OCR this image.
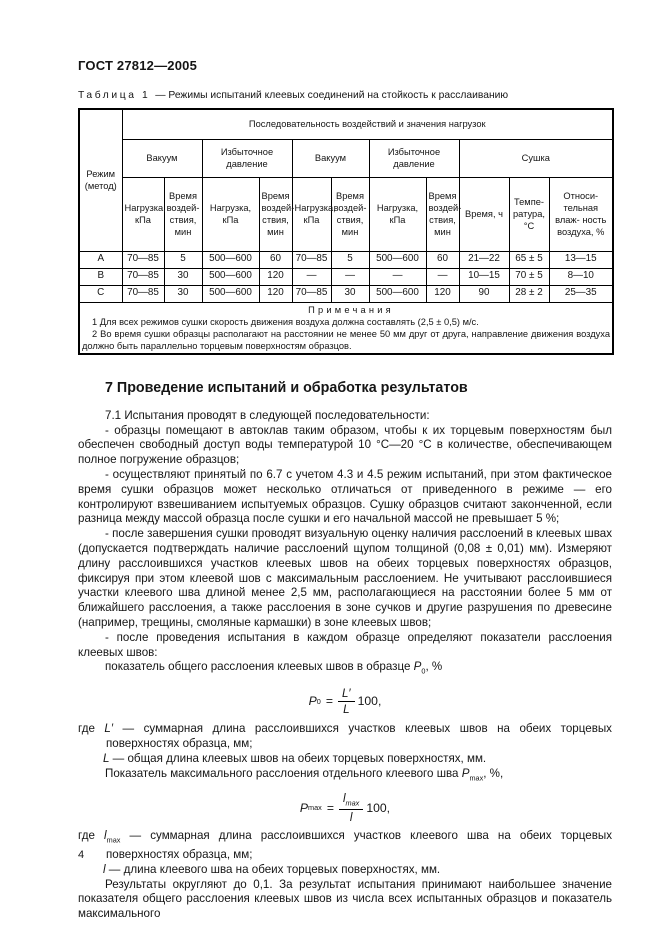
ГОСТ 27812—2005
Таблица 1 — Режимы испытаний клеевых соединений на стойкость к расслаиванию
Режим (метод)	Последовательность воздействий и значения нагрузок										
	Вакуум		Избыточное давление		Вакуум		Избыточное давление		Сушка		
	Нагрузка, кПа	Время воздей- ствия, мин	Нагрузка, кПа	Время воздей- ствия, мин	Нагрузка, кПа	Время воздей- ствия, мин	Нагрузка, кПа	Время воздей- ствия, мин	Время, ч	Темпе- ратура, °С	Относи- тельная влаж- ность воздуха, %
A	70—85	5	500—600	60	70—85	5	500—600	60	21—22	65 ± 5	13—15
B	70—85	30	500—600	120	—	—	—	—	10—15	70 ± 5	8—10
C	70—85	30	500—600	120	70—85	30	500—600	120	90	28 ± 2	25—35

Примечания
1 Для всех режимов сушки скорость движения воздуха должна составлять (2,5 ± 0,5) м/с.
2 Во время сушки образцы располагают на расстоянии не менее 50 мм друг от друга, направление движения воздуха должно быть параллельно торцевым поверхностям образцов.											
7 Проведение испытаний и обработка результатов

7.1 Испытания проводят в следующей последовательности:

- образцы помещают в автоклав таким образом, чтобы к их торцевым поверхностям был обеспечен свободный доступ воды температурой 10 °С—20 °С в количестве, обеспечивающем полное погружение образцов;

- осуществляют принятый по 6.7 с учетом 4.3 и 4.5 режим испытаний, при этом фактическое время сушки образцов может несколько отличаться от приведенного в режиме — его контролируют взвешиванием испытуемых образцов. Сушку образцов считают законченной, если разница между массой образца после сушки и его начальной массой не превышает 5 %;

- после завершения сушки проводят визуальную оценку наличия расслоений в клеевых швах (допускается подтверждать наличие расслоений щупом толщиной (0,08 ± 0,01) мм). Измеряют длину расслоившихся участков клеевых швов на обеих торцевых поверхностях образцов, фиксируя при этом клеевой шов с максимальным расслоением. Не учитывают расслоившиеся участки клеевого шва длиной менее 2,5 мм, располагающиеся на расстоянии более 5 мм от ближайшего расслоения, а также расслоения в зоне сучков и другие разрушения по древесине (например, трещины, смоляные кармашки) в зоне клеевых швов;

- после проведения испытания в каждом образце определяют показатели расслоения клеевых швов:

показатель общего расслоения клеевых швов в образце $P_0$, %

P $0 = \frac{L'}{L} 100$,
где L′ — суммарная длина расслоившихся участков клеевых швов на обеих торцевых поверхностях образца, мм;
L — общая длина клеевых швов на обеих торцевых поверхностях, мм.

Показатель максимального расслоения отдельного клеевого шва $P_{max}$, %,

P $\max = \frac{l_{max}}{l} 100$,
где $l_{max}$ — суммарная длина расслоившихся участков клеевого шва на обеих торцевых поверхностях образца, мм;
l — длина клеевого шва на обеих торцевых поверхностях, мм.

Результаты округляют до 0,1. За результат испытания принимают наибольшее значение показателя общего расслоения клеевых швов из числа всех испытанных образцов и показатель максимального

4
